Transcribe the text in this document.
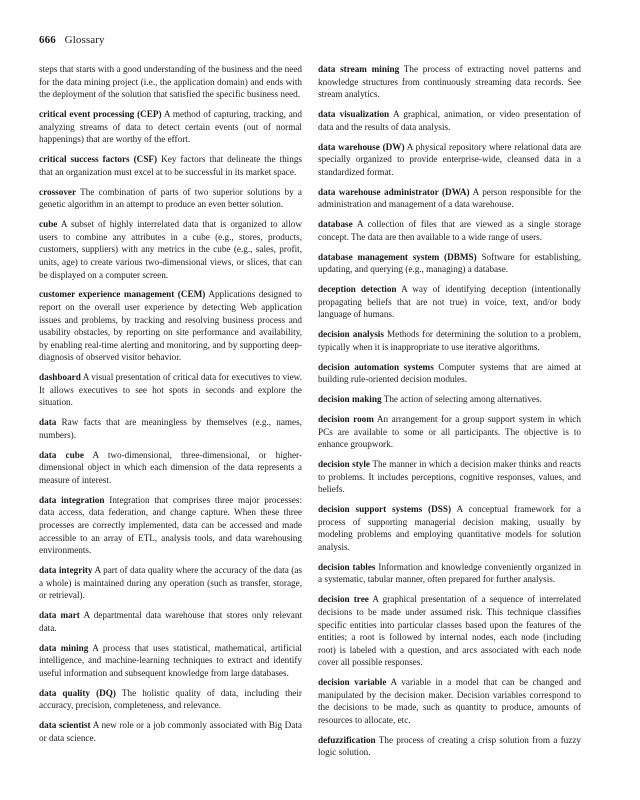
666 Glossary

steps that starts with a good understanding of the business and the need for the data mining project (i.e., the application domain) and ends with the deployment of the solution that satisfied the specific business need.

critical event processing (CEP) A method of capturing, tracking, and analyzing streams of data to detect certain events (out of normal happenings) that are worthy of the effort.

critical success factors (CSF) Key factors that delineate the things that an organization must excel at to be successful in its market space.

crossover The combination of parts of two superior solutions by a genetic algorithm in an attempt to produce an even better solution.

cube A subset of highly interrelated data that is organized to allow users to combine any attributes in a cube (e.g., stores, products, customers, suppliers) with any metrics in the cube (e.g., sales, profit, units, age) to create various two-dimensional views, or slices, that can be displayed on a computer screen.

customer experience management (CEM) Applications designed to report on the overall user experience by detecting Web application issues and problems, by tracking and resolving business process and usability obstacles, by reporting on site performance and availability, by enabling real-time alerting and monitoring, and by supporting deep-diagnosis of observed visitor behavior.

dashboard A visual presentation of critical data for executives to view. It allows executives to see hot spots in seconds and explore the situation.

data Raw facts that are meaningless by themselves (e.g., names, numbers).

data cube A two-dimensional, three-dimensional, or higher-dimensional object in which each dimension of the data represents a measure of interest.

data integration Integration that comprises three major processes: data access, data federation, and change capture. When these three processes are correctly implemented, data can be accessed and made accessible to an array of ETL, analysis tools, and data warehousing environments.

data integrity A part of data quality where the accuracy of the data (as a whole) is maintained during any operation (such as transfer, storage, or retrieval).

data mart A departmental data warehouse that stores only relevant data.

data mining A process that uses statistical, mathematical, artificial intelligence, and machine-learning techniques to extract and identify useful information and subsequent knowledge from large databases.

data quality (DQ) The holistic quality of data, including their accuracy, precision, completeness, and relevance.

data scientist A new role or a job commonly associated with Big Data or data science.

data stream mining The process of extracting novel patterns and knowledge structures from continuously streaming data records. See stream analytics.

data visualization A graphical, animation, or video presentation of data and the results of data analysis.

data warehouse (DW) A physical repository where relational data are specially organized to provide enterprise-wide, cleansed data in a standardized format.

data warehouse administrator (DWA) A person responsible for the administration and management of a data warehouse.

database A collection of files that are viewed as a single storage concept. The data are then available to a wide range of users.

database management system (DBMS) Software for establishing, updating, and querying (e.g., managing) a database.

deception detection A way of identifying deception (intentionally propagating beliefs that are not true) in voice, text, and/or body language of humans.

decision analysis Methods for determining the solution to a problem, typically when it is inappropriate to use iterative algorithms.

decision automation systems Computer systems that are aimed at building rule-oriented decision modules.

decision making The action of selecting among alternatives.

decision room An arrangement for a group support system in which PCs are available to some or all participants. The objective is to enhance groupwork.

decision style The manner in which a decision maker thinks and reacts to problems. It includes perceptions, cognitive responses, values, and beliefs.

decision support systems (DSS) A conceptual framework for a process of supporting managerial decision making, usually by modeling problems and employing quantitative models for solution analysis.

decision tables Information and knowledge conveniently organized in a systematic, tabular manner, often prepared for further analysis.

decision tree A graphical presentation of a sequence of interrelated decisions to be made under assumed risk. This technique classifies specific entities into particular classes based upon the features of the entities; a root is followed by internal nodes, each node (including root) is labeled with a question, and arcs associated with each node cover all possible responses.

decision variable A variable in a model that can be changed and manipulated by the decision maker. Decision variables correspond to the decisions to be made, such as quantity to produce, amounts of resources to allocate, etc.

defuzzification The process of creating a crisp solution from a fuzzy logic solution.
